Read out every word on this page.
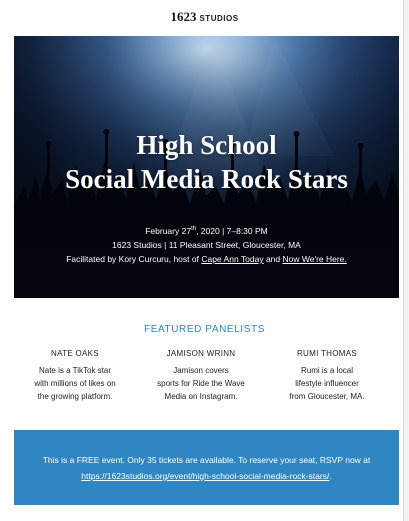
1623 STUDIOS
High School
Social Media Rock Stars
February 27th, 2020 | 7–8:30 PM
1623 Studios | 11 Pleasant Street, Gloucester, MA
Facilitated by Kory Curcuru, host of Cape Ann Today and Now We're Here.
FEATURED PANELISTS
NATE OAKS
Nate is a TikTok star
with millions of likes on
the growing platform.
JAMISON WRINN
Jamison covers
sports for Ride the Wave
Media on Instagram.
RUMI THOMAS
Rumi is a local
lifestyle influencer
from Gloucester, MA.
This is a FREE event. Only 35 tickets are available. To reserve your seat, RSVP now at
https://1623studios.org/event/high-school-social-media-rock-stars/.
